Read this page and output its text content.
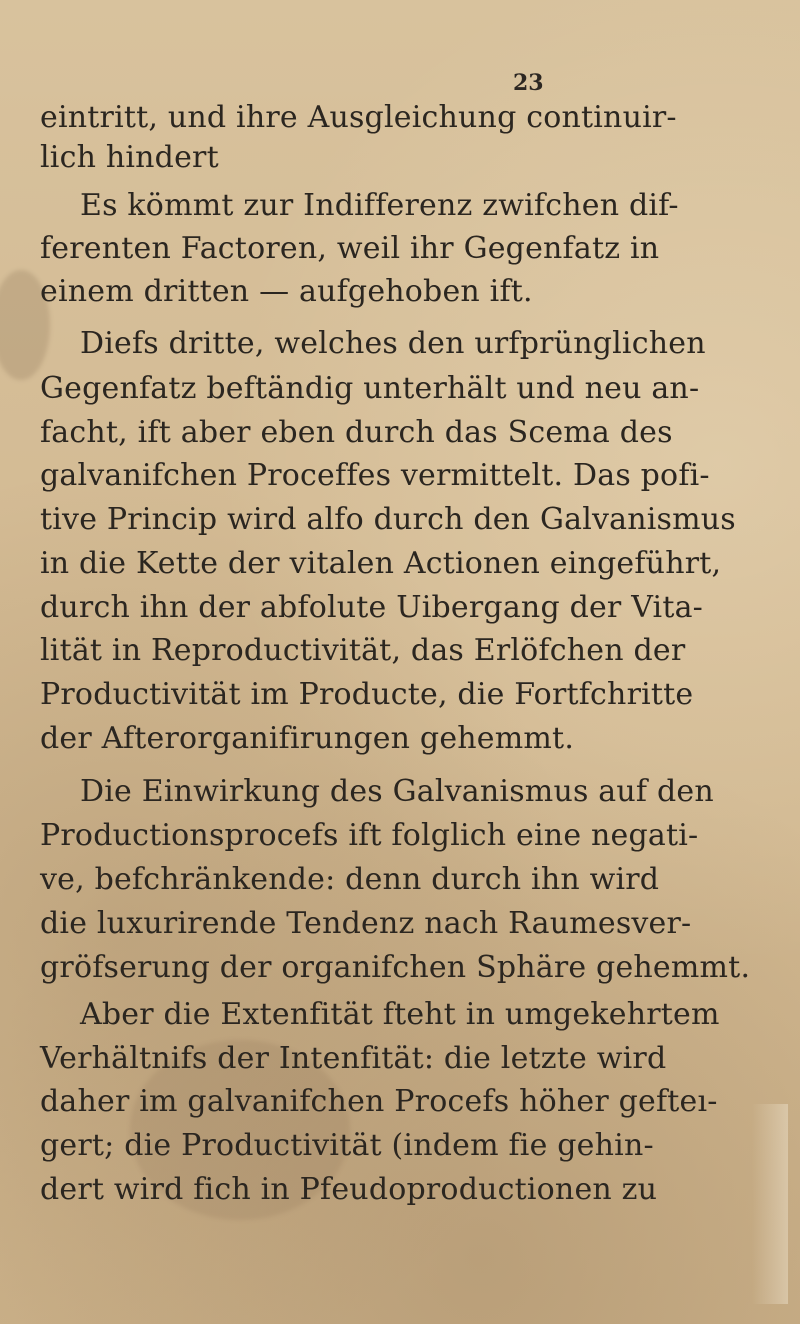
23
eintritt, und ihre Ausgleichung continuir-
lich hindert
Es kömmt zur Indifferenz zwifchen dif-
ferenten Factoren, weil ihr Gegenfatz in
einem dritten — aufgehoben ift.
Diefs dritte, welches den urfprünglichen
Gegenfatz beftändig unterhält und neu an-
facht, ift aber eben durch das Scema des
galvanifchen Proceffes vermittelt. Das pofi-
tive Princip wird alfo durch den Galvanismus
in die Kette der vitalen Actionen eingeführt,
durch ihn der abfolute Uibergang der Vita-
lität in Reproductivität, das Erlöfchen der
Productivität im Producte, die Fortfchritte
der Afterorganifirungen gehemmt.
Die Einwirkung des Galvanismus auf den
Productionsprocefs ift folglich eine negati-
ve, befchränkende: denn durch ihn wird
die luxurirende Tendenz nach Raumesver-
gröfserung der organifchen Sphäre gehemmt.
Aber die Extenfität fteht in umgekehrtem
Verhältnifs der Intenfität: die letzte wird
daher im galvanifchen Procefs höher gefteı-
gert; die Productivität (indem fie gehin-
dert wird fich in Pfeudoproductionen zu
